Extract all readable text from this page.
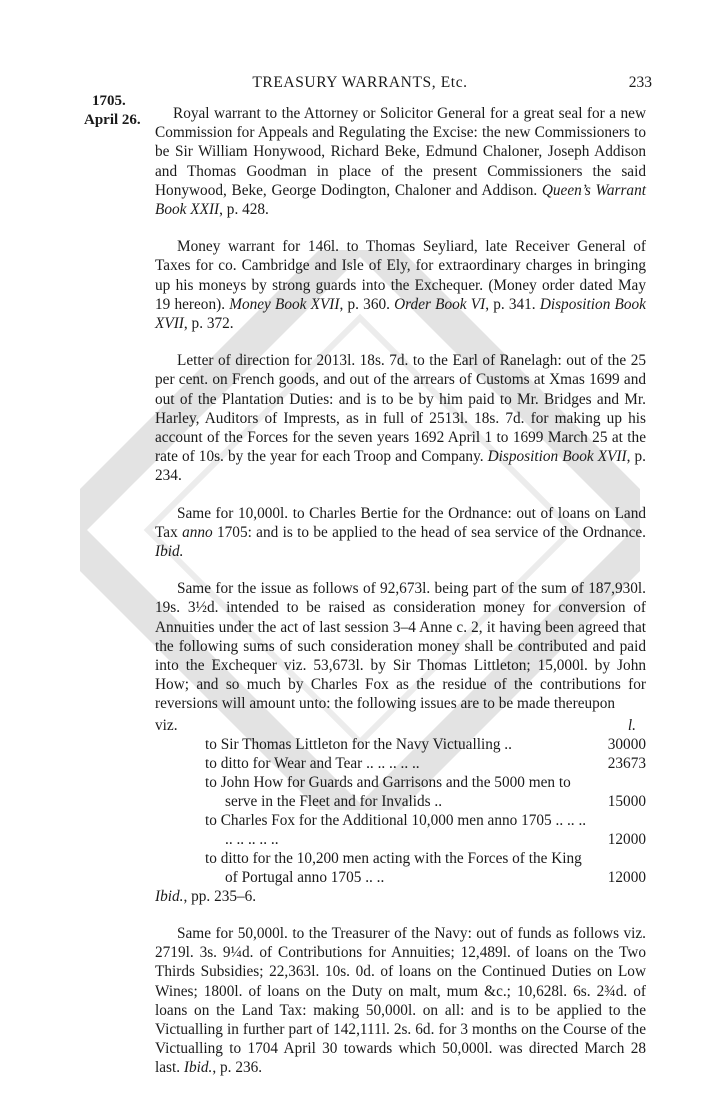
TREASURY WARRANTS, Etc.	233
1705.
April 26.	Royal warrant to the Attorney or Solicitor General for a great seal for a new Commission for Appeals and Regulating the Excise: the new Commissioners to be Sir William Honywood, Richard Beke, Edmund Chaloner, Joseph Addison and Thomas Goodman in place of the present Commissioners the said Honywood, Beke, George Dodington, Chaloner and Addison. Queen’s Warrant Book XXII, p. 428.

Money warrant for 146l. to Thomas Seyliard, late Receiver General of Taxes for co. Cambridge and Isle of Ely, for extraordinary charges in bringing up his moneys by strong guards into the Exchequer. (Money order dated May 19 hereon). Money Book XVII, p. 360. Order Book VI, p. 341. Disposition Book XVII, p. 372.

Letter of direction for 2013l. 18s. 7d. to the Earl of Ranelagh: out of the 25 per cent. on French goods, and out of the arrears of Customs at Xmas 1699 and out of the Plantation Duties: and is to be by him paid to Mr. Bridges and Mr. Harley, Auditors of Imprests, as in full of 2513l. 18s. 7d. for making up his account of the Forces for the seven years 1692 April 1 to 1699 March 25 at the rate of 10s. by the year for each Troop and Company. Disposition Book XVII, p. 234.

Same for 10,000l. to Charles Bertie for the Ordnance: out of loans on Land Tax anno 1705: and is to be applied to the head of sea service of the Ordnance. Ibid.

Same for the issue as follows of 92,673l. being part of the sum of 187,930l. 19s. 3½d. intended to be raised as consideration money for conversion of Annuities under the act of last session 3–4 Anne c. 2, it having been agreed that the following sums of such consideration money shall be contributed and paid into the Exchequer viz. 53,673l. by Sir Thomas Littleton; 15,000l. by John How; and so much by Charles Fox as the residue of the contributions for reversions will amount unto: the following issues are to be made thereupon

viz.	l.
to Sir Thomas Littleton for the Navy Victualling ..	30000
to ditto for Wear and Tear .. .. .. .. ..	23673
to John How for Guards and Garrisons and the 5000 men to serve in the Fleet and for Invalids ..	15000
to Charles Fox for the Additional 10,000 men anno 1705 .. .. .. .. .. .. .. ..	12000
to ditto for the 10,200 men acting with the Forces of the King of Portugal anno 1705 .. ..	12000
Ibid., pp. 235–6.

Same for 50,000l. to the Treasurer of the Navy: out of funds as follows viz. 2719l. 3s. 9¼d. of Contributions for Annuities; 12,489l. of loans on the Two Thirds Subsidies; 22,363l. 10s. 0d. of loans on the Continued Duties on Low Wines; 1800l. of loans on the Duty on malt, mum &c.; 10,628l. 6s. 2¾d. of loans on the Land Tax: making 50,000l. on all: and is to be applied to the Victualling in further part of 142,111l. 2s. 6d. for 3 months on the Course of the Victualling to 1704 April 30 towards which 50,000l. was directed March 28 last. Ibid., p. 236.
